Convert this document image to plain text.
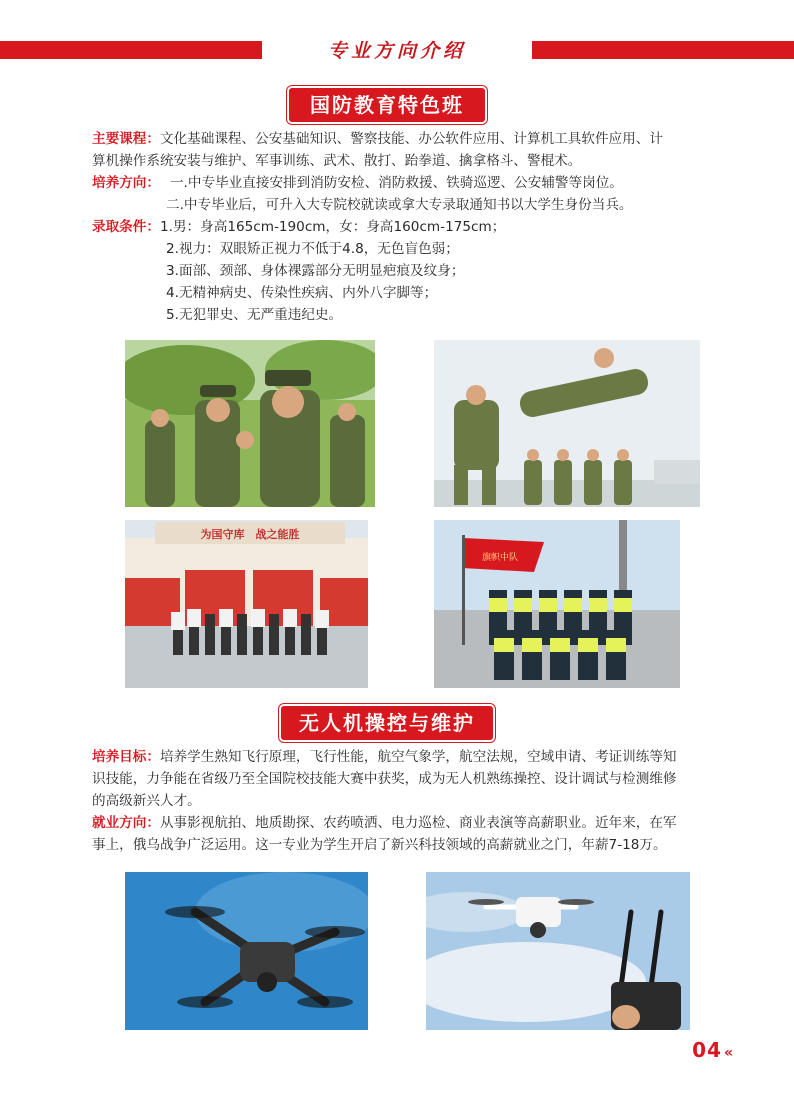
专业方向介绍
国防教育特色班
主要课程：文化基础课程、公安基础知识、警察技能、办公软件应用、计算机工具软件应用、计
算机操作系统安装与维护、军事训练、武术、散打、跆拳道、擒拿格斗、警棍术。
培养方向： 一.中专毕业直接安排到消防安检、消防救援、铁骑巡逻、公安辅警等岗位。
二.中专毕业后，可升入大专院校就读或拿大专录取通知书以大学生身份当兵。
录取条件：1.男：身高165cm-190cm，女：身高160cm-175cm；
2.视力：双眼矫正视力不低于4.8，无色盲色弱；
3.面部、颈部、身体裸露部分无明显疤痕及纹身；
4.无精神病史、传染性疾病、内外八字脚等；
5.无犯罪史、无严重违纪史。
为国守库　战之能胜
旗帜中队
无人机操控与维护
培养目标：培养学生熟知飞行原理，飞行性能，航空气象学，航空法规，空域申请、考证训练等知
识技能，力争能在省级乃至全国院校技能大赛中获奖，成为无人机熟练操控、设计调试与检测维修
的高级新兴人才。
就业方向：从事影视航拍、地质勘探、农药喷洒、电力巡检、商业表演等高薪职业。近年来，在军
事上，俄乌战争广泛运用。这一专业为学生开启了新兴科技领域的高薪就业之门，年薪7-18万。
04 «
